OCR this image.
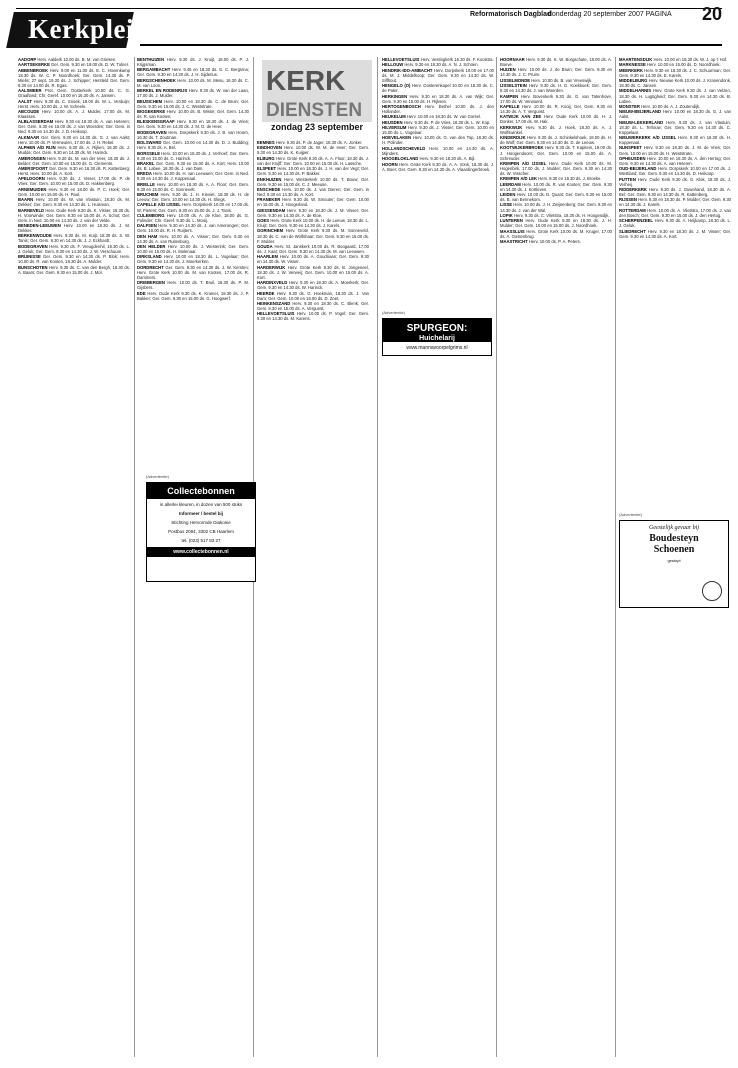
Kerkplein	Reformatorisch Dagblad
donderdag 20 september 2007 PAGINA 20

AADORP Herv. Aalderk 10.00 ds. B. M. van Grieken.

AARTSEKERKE Ger. Gem. 9.30 en 19.00 ds. D. W. Tulner.

ABBENBROEK Herv. 9.00 en 11.00 ds. E. C. Hovenkamp 18.30 ds. W. C. P. Noordhoek; Ger. Gem. 14.30 ds. P. Mielis; 27 sept. 19.30 ds. J. Schipper; Hersteld Ger. Gem. 9.30 en 14.00 ds. R. Egas.

AALSMEER Prot. Gem. Oosterkerk 10.00 ds. C. G. Graafland; Chr. Geref. 10.00 en 16.30 ds. A. Jansen.

AALST Herv. 9.30 ds. C. Snoek, 18.00 ds. W. L. Verduijn; Herst. Herv. 10.00 ds. J. W. Scheele.

ABCOUDE Herv. 10.00 ds. A. J. Mulder, 17.00 ds. M. Klaassen.

ALBLASSERDAM Herv. 9.30 en 18.30 ds. A. van Heteren; Ger. Gem. 9.30 en 15.00 ds. J. van Woerden; Ger. Gem. in Ned. 9.30 en 14.30 ds. J. D. Heikoop.

ALKMAAR Ger. Gem. 9.30 en 14.30 ds. G. J. van Aalst; Herv. 10.00 ds. P. Vermeulen, 17.00 ds. J. H. Rebel.

ALPHEN A/D RIJN Herv. 9.30 ds. A. Rijken, 16.30 ds. J. Mudde; Ger. Gem. 9.30 en 14.30 ds. W. Harinck.

AMERONGEN Herv. 9.30 ds. M. van der Veer, 18.30 ds. J. Belder; Ger. Gem. 10.00 en 15.00 ds. G. Clements.

AMERSFOORT Ger. Gem. 9.30 en 16.30 ds. R. Kattenberg; Herst. Herv. 10.00 ds. A. Kort.

APELDOORN Herv. 9.30 ds. J. Visser, 17.00 ds. P. de Vries; Ger. Gem. 10.00 en 15.00 ds. D. Hakkenberg.

ARNEMUIDEN Herv. 9.30 en 18.00 ds. P. C. Hoek; Ger. Gem. 10.00 en 15.00 ds. H. Paul.

BAARN Herv. 10.00 ds. W. van Vlastuin, 18.30 ds. M. Dekker; Ger. Gem. 9.30 en 14.30 ds. L. Huisman.

BARNEVELD Herv. Oude Kerk 9.30 ds. K. Visser, 18.30 ds. H. Voorwinde; Ger. Gem. 9.30 en 15.00 ds. A. Schot; Ger. Gem. in Ned. 10.00 en 14.30 ds. J. van der Velde.

BENEDEN-LEEUWEN Herv. 10.00 en 18.30 ds. J. M. Dekker.

BERKENWOUDE Herv. 9.30 ds. M. Kuijt, 18.30 ds. S. W. Tanis; Ger. Gem. 9.30 en 14.30 ds. J. J. Eckhardt.

BODEGRAVEN Herv. 9.30 ds. F. Vreugdenhil, 16.30 ds. L. J. Geluk; Ger. Gem. 9.30 en 14.30 ds. J. W. Verschuure.

BRUINISSE Ger. Gem. 9.30 en 14.30 ds. P. Blok; Herv. 10.00 ds. R. van Kooten, 18.30 ds. A. Mulder.

BUNSCHOTEN Herv. 9.30 ds. C. van den Bergh, 18.30 ds. A. Baars; Ger. Gem. 9.30 en 15.00 ds. J. Mol.

BENTHUIZEN Herv. 9.30 ds. J. Kruijt, 18.00 ds. P. J. Krijgsman.

BERGAMBACHT Herv. 9.45 en 18.30 ds. G. C. Bergsma; Ger. Gem. 9.30 en 14.30 ds. J. H. Sijderius.

BERGSCHENHOEK Herv. 10.00 ds. M. Mesu, 16.30 ds. C. M. van Loon.

BERKEL EN RODENRIJS Herv. 9.30 ds. W. van der Laan, 17.00 ds. J. Mulder.

BEUSICHEM Herv. 10.00 en 18.30 ds. C. de Bruin; Ger. Gem. 9.30 en 15.00 ds. J. C. Weststrate.

BIGGEKERKE Herv. 10.00 ds. B. Wisse; Ger. Gem. 14.30 ds. R. van Kooten.

BLESKENSGRAAF Herv. 9.30 en 18.30 ds. J. de Vries; Ger. Gem. 9.30 en 14.30 ds. J. M. D. de Heer.

BODEGRAVEN Herv. Dorpskerk 9.30 ds. J. B. van Hoorn, 16.30 ds. T. Zoutman.

BOLSWARD Ger. Gem. 10.00 en 14.30 ds. D. J. Budding; Herv. 9.30 ds. A. Bel.

BORSSELE Herv. 10.00 en 18.30 ds. J. Verhoef; Ger. Gem. 9.30 en 15.00 ds. C. Harinck.

BRAKEL Ger. Gem. 9.30 en 15.00 ds. A. Kort; Herv. 10.00 ds. B. Labee, 18.30 ds. J. van Dam.

BREDA Herv. 10.00 ds. H. van Leeuwen; Ger. Gem. in Ned. 9.30 en 14.30 ds. J. Koppenaal.

BRIELLE Herv. 10.00 en 18.30 ds. A. A. Floor; Ger. Gem. 9.30 en 15.00 ds. C. Sonnevelt.

BRUCHEM Herv. 9.30 ds. J. H. Kieviet, 18.30 ds. H. de Leeuw; Ger. Gem. 10.00 en 14.30 ds. H. Slings.

CAPELLE A/D IJSSEL Herv. Dorpskerk 10.00 en 17.00 ds. W. Pieters; Ger. Gem. 9.30 en 15.00 ds. J. J. Tanis.

CULEMBORG Herv. 10.00 ds. A. de Kloe, 18.00 ds. G. Polinder; Chr. Geref. 9.30 ds. L. Mooij.

DALFSEN Herv. 9.30 en 14.30 ds. J. van Amerongen; Ger. Gem. 10.00 ds. R. H. Ruijters.

DEN HAM Herv. 10.00 ds. A. Visser; Ger. Gem. 9.30 en 14.30 ds. A. van Ruitenburg.

DEN HELDER Herv. 10.00 ds. J. Westerink; Ger. Gem. 10.00 en 15.00 ds. H. Molenaar.

DIRKSLAND Herv. 10.00 en 18.30 ds. L. Vogelaar; Ger. Gem. 9.30 en 14.30 ds. J. Moerkerken.

DORDRECHT Ger. Gem. 9.30 en 14.30 ds. J. W. Kersten; Herv. Grote Kerk 10.00 ds. M. van Kooten, 17.00 ds. R. Dammers.

DRIEBERGEN Herv. 10.00 ds. T. Bruil, 18.30 ds. P. M. Gijsbers.

EDE Herv. Oude Kerk 9.30 ds. K. Kramer, 18.30 ds. J. P. Bakker; Ger. Gem. 9.30 en 15.00 ds. G. Hoogwerf.

EEMNES Herv. 9.30 ds. P. de Jager, 18.30 ds. A. Jonker.

EINDHOVEN Herv. 10.00 ds. W. M. de Heer; Ger. Gem. 9.30 en 14.30 ds. K. Kuijper.

ELBURG Herv. Grote Kerk 9.30 ds. A. A. Floor, 18.30 ds. J. van der Knijff; Ger. Gem. 10.00 en 15.00 ds. H. Lassche.

ELSPEET Herv. 10.00 en 18.30 ds. J. H. van der Vegt; Ger. Gem. 9.30 en 14.30 ds. P. Bakker.

ENKHUIZEN Herv. Westerkerk 10.00 ds. T. Bouw; Ger. Gem. 9.30 en 15.00 ds. C. J. Meeuse.

ENSCHEDE Herv. 10.00 ds. J. van Dieren; Ger. Gem. in Ned. 9.30 en 14.30 ds. A. Kort.

FRANEKER Herv. 9.30 ds. W. Smouter; Ger. Gem. 10.00 en 15.00 ds. J. Hoogerland.

GIESSENDAM Herv. 9.30 en 18.30 ds. J. M. Visser; Ger. Gem. 9.30 en 14.30 ds. A. de Kloe.

GOES Herv. Grote Kerk 10.00 ds. H. de Leeuw, 18.30 ds. L. Kruijt; Ger. Gem. 9.30 en 14.30 ds. J. Karels.

GORINCHEM Herv. Grote Kerk 9.30 ds. M. Sonneveld, 18.30 ds. C. van de Wolfshaar; Ger. Gem. 9.30 en 15.00 ds. F. Mulder.

GOUDA Herv. St. Janskerk 10.00 ds. R. Boogaard, 17.00 ds. J. Kaat; Ger. Gem. 9.30 en 14.30 ds. M. van Leeuwen.

HAARLEM Herv. 10.00 ds. A. Goudriaan; Ger. Gem. 9.30 en 14.30 ds. W. Visser.

HARDERWIJK Herv. Grote Kerk 9.30 ds. B. Jongeneel, 18.30 ds. J. W. Verweij; Ger. Gem. 10.00 en 15.00 ds. A. Kort.

HARDINXVELD Herv. 9.30 en 18.30 ds. A. Moerkerk; Ger. Gem. 9.30 en 14.30 ds. W. Harinck.

HEERDE Herv. 9.30 ds. G. Hoekman, 18.30 ds. J. Van Dam; Ger. Gem. 10.00 en 15.00 ds. D. Zoet.

HEINKENSZAND Herv. 9.30 en 18.30 ds. C. Blenk; Ger. Gem. 9.30 en 15.00 ds. A. Vergunst.

HELLEVOETSLUIS Herv. 10.00 ds. P. Vogel; Ger. Gem. 9.30 en 14.30 ds. M. Karens.

HELLEVOETSLUIS Herv. Vestingkerk 16.30 ds. F. Kooistra.

HELLOUW Herv. 9.30 en 18.30 ds. A. N. J. Schoen.

HENDRIK-IDO-AMBACHT Herv. Dorpskerk 10.00 en 17.00 ds. M. J. Middelkoop; Ger. Gem. 9.30 en 14.30 ds. W. Silfhout.

HENGELO (O) Herv. Oosterenkapel 10.00 en 18.30 ds. C. de Pater.

HERKINGEN Herv. 9.30 en 18.30 ds. A. van Wijk; Ger. Gem. 9.30 en 15.00 ds. H. Rijksen.

HERTOGENBOSCH Herv. Bethel 10.00 ds. J. den Hollander.

HEUKELUM Herv. 10.00 en 18.30 ds. W. van Gorsel.

HEUSDEN Herv. 9.30 ds. P. de Vries, 18.30 ds. L. W. Kop.

HILVERSUM Herv. 9.30 ds. J. Visser; Ger. Gem. 10.00 en 15.00 ds. L. Vogelaar.

HOEVELAKEN Herv. 10.00 ds. G. van den Top, 18.30 ds. H. Polinder.

HOLLANDSCHEVELD Herv. 10.00 en 14.30 ds. A. Mijnders.

HOOGBLOKLAND Herv. 9.30 en 18.30 ds. A. Bijl.

HOORN Herv. Grote Kerk 9.30 ds. A. A. Vonk, 18.30 ds. J. A. Boer; Ger. Gem. 9.30 en 14.30 ds. A. Vlaardingerbroek.

HOORNAAR Herv. 9.30 ds. K. W. Borgschate, 18.00 ds. A. Boeve.

HUIZEN Herv. 10.00 ds. J. de Bruin; Ger. Gem. 9.30 en 14.30 ds. J. C. Pruim.

IJSSELMONDE Herv. 10.00 ds. B. van Vreeswijk.

IJSSELSTEIN Herv. 9.30 ds. H. G. Koekkoek; Ger. Gem. 9.30 en 14.30 ds. J. van Woerden.

KAMPEN Herv. Bovenkerk 9.30 ds. G. van Tatenhove, 17.00 ds. W. Verwoerd.

KAPELLE Herv. 10.00 ds. R. Kooij; Ger. Gem. 9.30 en 14.30 ds. A. T. Vergunst.

KATWIJK AAN ZEE Herv. Oude Kerk 10.00 ds. H. J. Donker, 17.00 ds. W. Hak.

KERKWIJK Herv. 9.30 ds. J. Hoek, 18.30 ds. A. J. Wolfswinkel.

KINDERDIJK Herv. 9.30 ds. J. Schinkelshoek, 18.00 ds. H. de Wolf; Ger. Gem. 9.30 en 14.30 ds. D. de Leeuw.

KOOTWIJKERBROEK Herv. 9.30 ds. T. Kapitein, 19.00 ds. J. Hoogendoorn; Ger. Gem. 10.00 en 15.00 ds. A. Schreuder.

KRIMPEN A/D IJSSEL Herv. Oude Kerk 10.00 ds. M. Hogenbirk, 17.00 ds. J. Mulder; Ger. Gem. 9.30 en 14.30 ds. W. Visscher.

KRIMPEN A/D LEK Herv. 9.30 en 18.30 ds. J. Broeke.

LEERDAM Herv. 10.00 ds. R. van Kooten; Ger. Gem. 9.30 en 14.30 ds. J. Kortleven.

LEIDEN Herv. 10.00 ds. D. Quant; Ger. Gem. 9.30 en 15.00 ds. B. van Bennekom.

LISSE Herv. 10.00 ds. J. H. Zwijnenberg; Ger. Gem. 9.30 en 14.30 ds. J. van der Wal.

LOPIK Herv. 9.30 ds. C. Vlietstra, 18.30 ds. H. Hoogendijk.

LUNTEREN Herv. Oude Kerk 9.30 en 18.30 ds. J. H. Mulder; Ger. Gem. 10.00 en 15.00 ds. J. Noordhoek.

MAASSLUIS Herv. Grote Kerk 10.00 ds. M. Kruger, 17.00 ds. A. Oostenbrug.

MAASTRICHT Herv. 10.00 ds. P. A. Peters.

MAARTENSDIJK Herv. 10.00 en 18.30 ds. W. J. op 't Hof.

MARKNESSE Herv. 10.00 en 15.00 ds. D. Noordhoek.

MEERKERK Herv. 9.30 en 18.30 ds. J. C. Schuurman; Ger. Gem. 9.30 en 14.30 ds. E. Karels.

MIDDELBURG Herv. Nieuwe Kerk 10.00 ds. J. Kranendonk, 18.30 ds. C. Jansen.

MIDDELHARNIS Herv. Grote Kerk 9.30 ds. J. van Velzen, 18.30 ds. H. Lugtigheid; Ger. Gem. 9.30 en 14.30 ds. B. Labee.

MONSTER Herv. 10.00 ds. A. J. Zoutendijk.

NIEUW-BEIJERLAND Herv. 10.00 en 18.30 ds. G. J. van Aalst.

NIEUW-LEKKERLAND Herv. 9.30 ds. J. van Vlastuin, 18.30 ds. L. Terlouw; Ger. Gem. 9.30 en 14.30 ds. C. Koppelaar.

NIEUWERKERK A/D IJSSEL Herv. 9.30 en 16.30 ds. H. Koppenaal.

NUNSPEET Herv. 9.30 en 18.30 ds. J. M. de Vries; Ger. Gem. 10.00 en 15.00 ds. H. Weststrate.

OPHEUSDEN Herv. 10.00 en 18.30 ds. A. den Hertog; Ger. Gem. 9.30 en 14.30 ds. A. van Heteren.

OUD-BEIJERLAND Herv. Dorpskerk 10.00 en 17.00 ds. J. Westland; Ger. Gem. 9.30 en 14.30 ds. D. Heikoop.

PUTTEN Herv. Oude Kerk 9.30 ds. G. Klok, 18.30 ds. J. Verheij.

RIDDERKERK Herv. 9.30 ds. J. Ouwehand, 18.30 ds. A. Bel; Ger. Gem. 9.30 en 14.30 ds. R. Kattenberg.

RIJSSEN Herv. 9.30 en 18.30 ds. P. Mulder; Ger. Gem. 9.30 en 14.30 ds. J. Karels.

ROTTERDAM Herv. 10.00 ds. A. Vlietstra, 17.00 ds. J. van den Bosch; Ger. Gem. 9.30 en 15.00 ds. J. den Hertog.

SCHERPENZEEL Herv. 9.30 ds. A. Heijkamp, 18.30 ds. L. J. Geluk.

SLIEDRECHT Herv. 9.30 en 18.30 ds. J. M. Visser; Ger. Gem. 9.30 en 14.30 ds. A. Kort.

KERK
DIENSTEN
zondag 23 september
(Advertentie)
SPURGEON:
Huichelarij
www.mannavoorpelgrims.nl
(Advertentie)
Collectebonnen
in allerlei kleuren, in dozen van 500 stuks
Informeer / bestel bij
Stichting Hervormde Diakonie
Postbus 2094, 3302 CB Haarlem
tel. (023) 517 83 27
www.collectebonnen.nl
(Advertentie)
Geestelijk gevaar bij
Boudesteyn
Schoenen
gestopt
